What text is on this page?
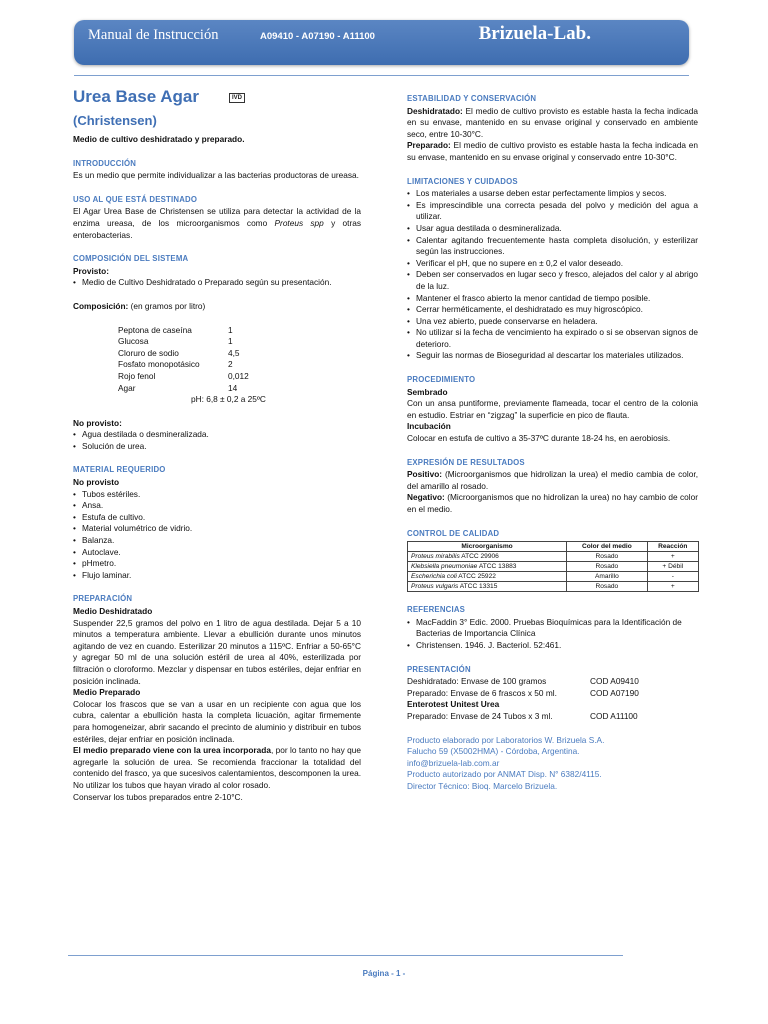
Manual de Instrucción	A09410 - A07190 - A11100	Brizuela-Lab.
Urea Base Agar	IVD
(Christensen)
Medio de cultivo deshidratado y preparado.
INTRODUCCIÓN

Es un medio que permite individualizar a las bacterias productoras de ureasa.

USO AL QUE ESTÁ DESTINADO

El Agar Urea Base de Christensen se utiliza para detectar la actividad de la enzima ureasa, de los microorganismos como Proteus spp y otras enterobacterias.

COMPOSICIÓN DEL SISTEMA
Provisto:
• Medio de Cultivo Deshidratado o Preparado según su presentación.

Composición: (en gramos por litro)

Peptona de caseína	1
Glucosa	1
Cloruro de sodio	4,5
Fosfato monopotásico	2
Rojo fenol	0,012
Agar	14
pH: 6,8 ± 0,2 a 25ºC
No provisto:
• Agua destilada o desmineralizada.
• Solución de urea.
MATERIAL REQUERIDO
No provisto
• Tubos estériles.
• Ansa.
• Estufa de cultivo.
• Material volumétrico de vidrio.
• Balanza.
• Autoclave.
• pHmetro.
• Flujo laminar.
PREPARACIÓN
Medio Deshidratado

Suspender 22,5 gramos del polvo en 1 litro de agua destilada. Dejar 5 a 10 minutos a temperatura ambiente. Llevar a ebullición durante unos minutos agitando de vez en cuando. Esterilizar 20 minutos a 115ºC. Enfriar a 50-65°C y agregar 50 ml de una solución estéril de urea al 40%, esterilizada por filtración o cloroformo. Mezclar y dispensar en tubos estériles, dejar enfriar en posición inclinada.

Medio Preparado

Colocar los frascos que se van a usar en un recipiente con agua que los cubra, calentar a ebullición hasta la completa licuación, agitar firmemente para homogeneizar, abrir sacando el precinto de aluminio y distribuir en tubos estériles, dejar enfriar en posición inclinada.

El medio preparado viene con la urea incorporada, por lo tanto no hay que agregarle la solución de urea. Se recomienda fraccionar la totalidad del contenido del frasco, ya que sucesivos calentamientos, descomponen la urea. No utilizar los tubos que hayan virado al color rosado.

Conservar los tubos preparados entre 2-10°C.

ESTABILIDAD Y CONSERVACIÓN

Deshidratado: El medio de cultivo provisto es estable hasta la fecha indicada en su envase, mantenido en su envase original y conservado en ambiente seco, entre 10-30°C.

Preparado: El medio de cultivo provisto es estable hasta la fecha indicada en su envase, mantenido en su envase original y conservado entre 10-30°C.

LIMITACIONES Y CUIDADOS
• Los materiales a usarse deben estar perfectamente limpios y secos.
• Es imprescindible una correcta pesada del polvo y medición del agua a utilizar.
• Usar agua destilada o desmineralizada.
• Calentar agitando frecuentemente hasta completa disolución, y esterilizar según las instrucciones.
• Verificar el pH, que no supere en ± 0,2 el valor deseado.
• Deben ser conservados en lugar seco y fresco, alejados del calor y al abrigo de la luz.
• Mantener el frasco abierto la menor cantidad de tiempo posible.
• Cerrar herméticamente, el deshidratado es muy higroscópico.
• Una vez abierto, puede conservarse en heladera.
• No utilizar si la fecha de vencimiento ha expirado o si se observan signos de deterioro.
• Seguir las normas de Bioseguridad al descartar los materiales utilizados.
PROCEDIMIENTO
Sembrado

Con un ansa puntiforme, previamente flameada, tocar el centro de la colonia en estudio. Estriar en “zigzag” la superficie en pico de flauta.

Incubación

Colocar en estufa de cultivo a 35-37ºC durante 18-24 hs, en aerobiosis.

EXPRESIÓN DE RESULTADOS

Positivo: (Microorganismos que hidrolizan la urea) el medio cambia de color, del amarillo al rosado.

Negativo: (Microorganismos que no hidrolizan la urea) no hay cambio de color en el medio.

CONTROL DE CALIDAD
Microorganismo	Color del medio	Reacción
Proteus mirabilis ATCC 29906	Rosado	+
Klebsiella pneumoniae ATCC 13883	Rosado	+ Débil
Escherichia coli ATCC 25922	Amarillo	-
Proteus vulgaris ATCC 13315	Rosado	+
REFERENCIAS
• MacFaddin 3° Edic. 2000. Pruebas Bioquímicas para la Identificación de Bacterias de Importancia Clínica
• Christensen. 1946. J. Bacteriol. 52:461.
PRESENTACIÓN
Deshidratado: Envase de 100 gramos	COD A09410
Preparado: Envase de 6 frascos x 50 ml.	COD A07190
Enterotest Unitest Urea
Preparado: Envase de 24 Tubos x 3 ml.	COD A11100
Producto elaborado por Laboratorios W. Brizuela S.A.
Falucho 59 (X5002HMA) - Córdoba, Argentina.
info@brizuela-lab.com.ar
Producto autorizado por ANMAT Disp. N° 6382/4115.
Director Técnico: Bioq. Marcelo Brizuela.
Página - 1 -
